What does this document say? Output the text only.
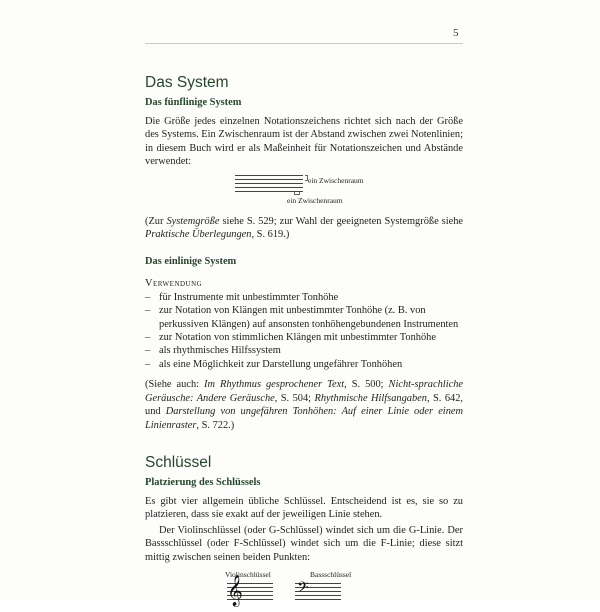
5
Das System
Das fünflinige System

Die Größe jedes einzelnen Notationszeichens richtet sich nach der Größe des Systems. Ein Zwischenraum ist der Abstand zwischen zwei Notenlinien; in diesem Buch wird er als Maßeinheit für Notationszeichen und Abstände verwendet:

ein Zwischenraum
ein Zwischenraum

(Zur Systemgröße siehe S. 529; zur Wahl der geeigneten Systemgröße siehe Praktische Überlegungen, S. 619.)

Das einlinige System
Verwendung
– für Instrumente mit unbestimmter Tonhöhe
– zur Notation von Klängen mit unbestimmter Tonhöhe (z. B. von perkussiven Klängen) auf ansonsten tonhöhengebundenen Instrumenten
– zur Notation von stimmlichen Klängen mit unbestimmter Tonhöhe
– als rhythmisches Hilfssystem
– als eine Möglichkeit zur Darstellung ungefährer Tonhöhen

(Siehe auch: Im Rhythmus gesprochener Text, S. 500; Nicht-sprachliche Geräusche: Andere Geräusche, S. 504; Rhythmische Hilfsangaben, S. 642, und Darstellung von ungefähren Tonhöhen: Auf einer Linie oder einem Linienraster, S. 722.)

Schlüssel
Platzierung des Schlüssels

Es gibt vier allgemein übliche Schlüssel. Entscheidend ist es, sie so zu platzieren, dass sie exakt auf der jeweiligen Linie stehen.

Der Violinschlüssel (oder G-Schlüssel) windet sich um die G-Linie. Der Bassschlüssel (oder F-Schlüssel) windet sich um die F-Linie; diese sitzt mittig zwischen seinen beiden Punkten:

Violinschlüssel	Bassschlüssel
𝄞	𝄢
